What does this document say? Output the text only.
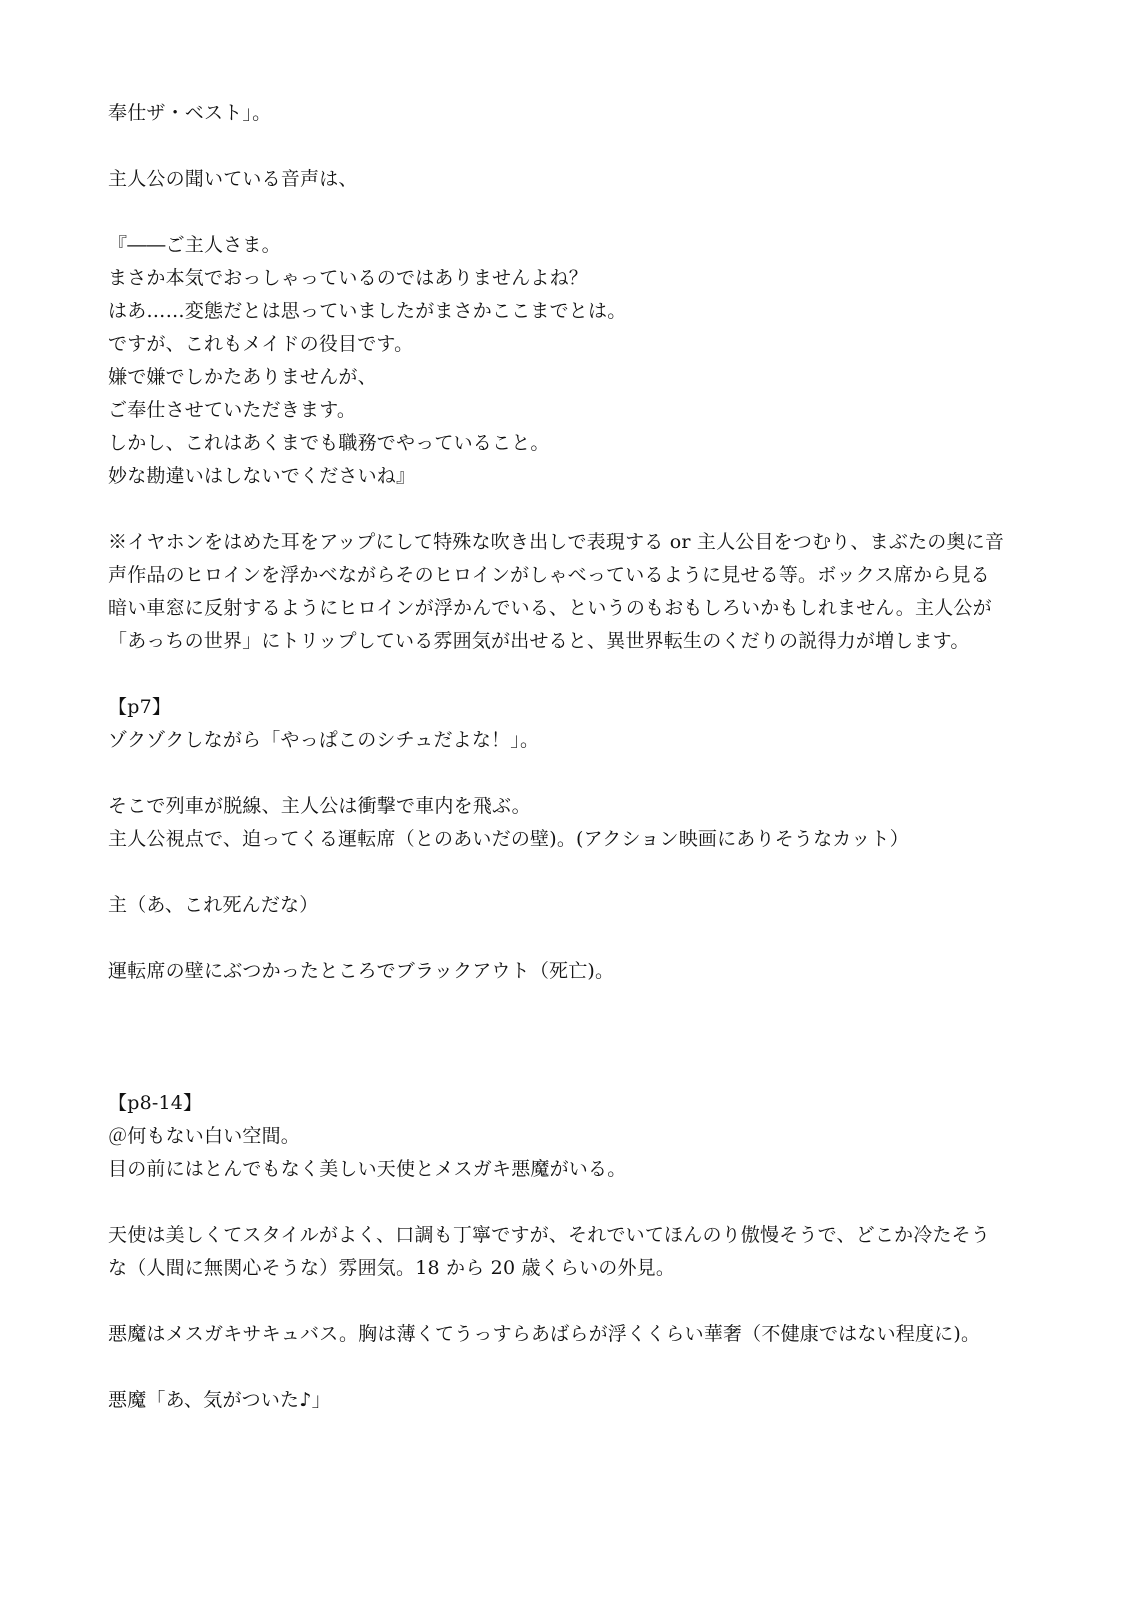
奉仕ザ・ベスト」。
主人公の聞いている音声は、
『――ご主人さま。
まさか本気でおっしゃっているのではありませんよね？
はあ……変態だとは思っていましたがまさかここまでとは。
ですが、これもメイドの役目です。
嫌で嫌でしかたありませんが、
ご奉仕させていただきます。
しかし、これはあくまでも職務でやっていること。
妙な勘違いはしないでくださいね』
※イヤホンをはめた耳をアップにして特殊な吹き出しで表現する or 主人公目をつむり、まぶたの奥に音
声作品のヒロインを浮かべながらそのヒロインがしゃべっているように見せる等。ボックス席から見る
暗い車窓に反射するようにヒロインが浮かんでいる、というのもおもしろいかもしれません。主人公が
「あっちの世界」にトリップしている雰囲気が出せると、異世界転生のくだりの説得力が増します。
【p7】
ゾクゾクしながら「やっぱこのシチュだよな！」。
そこで列車が脱線、主人公は衝撃で車内を飛ぶ。
主人公視点で、迫ってくる運転席（とのあいだの壁)。(アクション映画にありそうなカット）
主（あ、これ死んだな）
運転席の壁にぶつかったところでブラックアウト（死亡)。
【p8-14】
＠何もない白い空間。
目の前にはとんでもなく美しい天使とメスガキ悪魔がいる。
天使は美しくてスタイルがよく、口調も丁寧ですが、それでいてほんのり傲慢そうで、どこか冷たそう
な（人間に無関心そうな）雰囲気。18 から 20 歳くらいの外見。
悪魔はメスガキサキュバス。胸は薄くてうっすらあばらが浮くくらい華奢（不健康ではない程度に)。
悪魔「あ、気がついた♪」
